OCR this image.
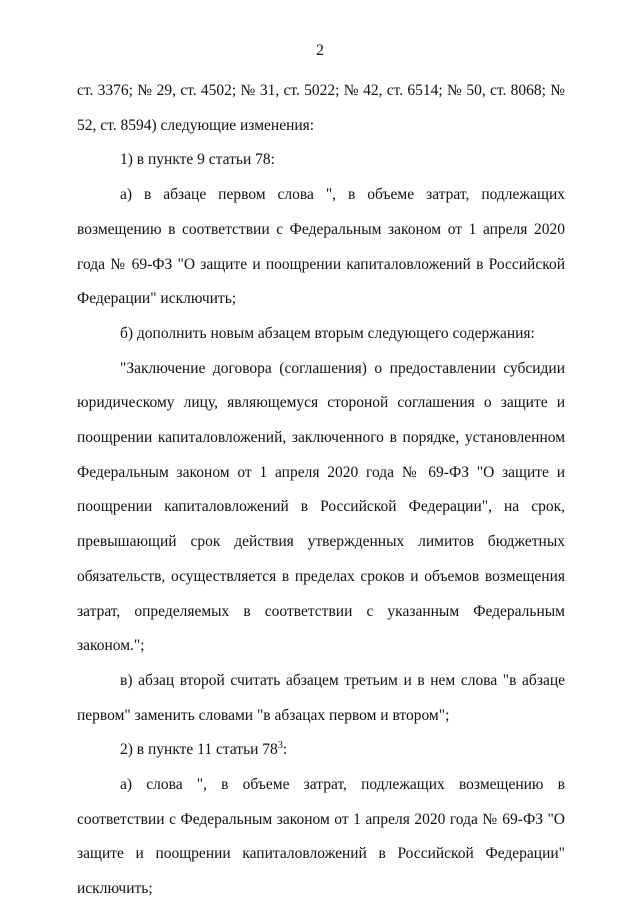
2

ст. 3376; № 29, ст. 4502; № 31, ст. 5022; № 42, ст. 6514; № 50, ст. 8068; № 52, ст. 8594) следующие изменения:

1) в пункте 9 статьи 78:

а) в абзаце первом слова ", в объеме затрат, подлежащих возмещению в соответствии с Федеральным законом от 1 апреля 2020 года № 69-ФЗ "О защите и поощрении капиталовложений в Российской Федерации" исключить;

б) дополнить новым абзацем вторым следующего содержания:

"Заключение договора (соглашения) о предоставлении субсидии юридическому лицу, являющемуся стороной соглашения о защите и поощрении капиталовложений, заключенного в порядке, установленном Федеральным законом от 1 апреля 2020 года № 69-ФЗ "О защите и поощрении капиталовложений в Российской Федерации", на срок, превышающий срок действия утвержденных лимитов бюджетных обязательств, осуществляется в пределах сроков и объемов возмещения затрат, определяемых в соответствии с указанным Федеральным законом.";

в) абзац второй считать абзацем третьим и в нем слова "в абзаце первом" заменить словами "в абзацах первом и втором";

2) в пункте 11 статьи $78^3$:

а) слова ", в объеме затрат, подлежащих возмещению в соответствии с Федеральным законом от 1 апреля 2020 года № 69-ФЗ "О защите и поощрении капиталовложений в Российской Федерации" исключить;
